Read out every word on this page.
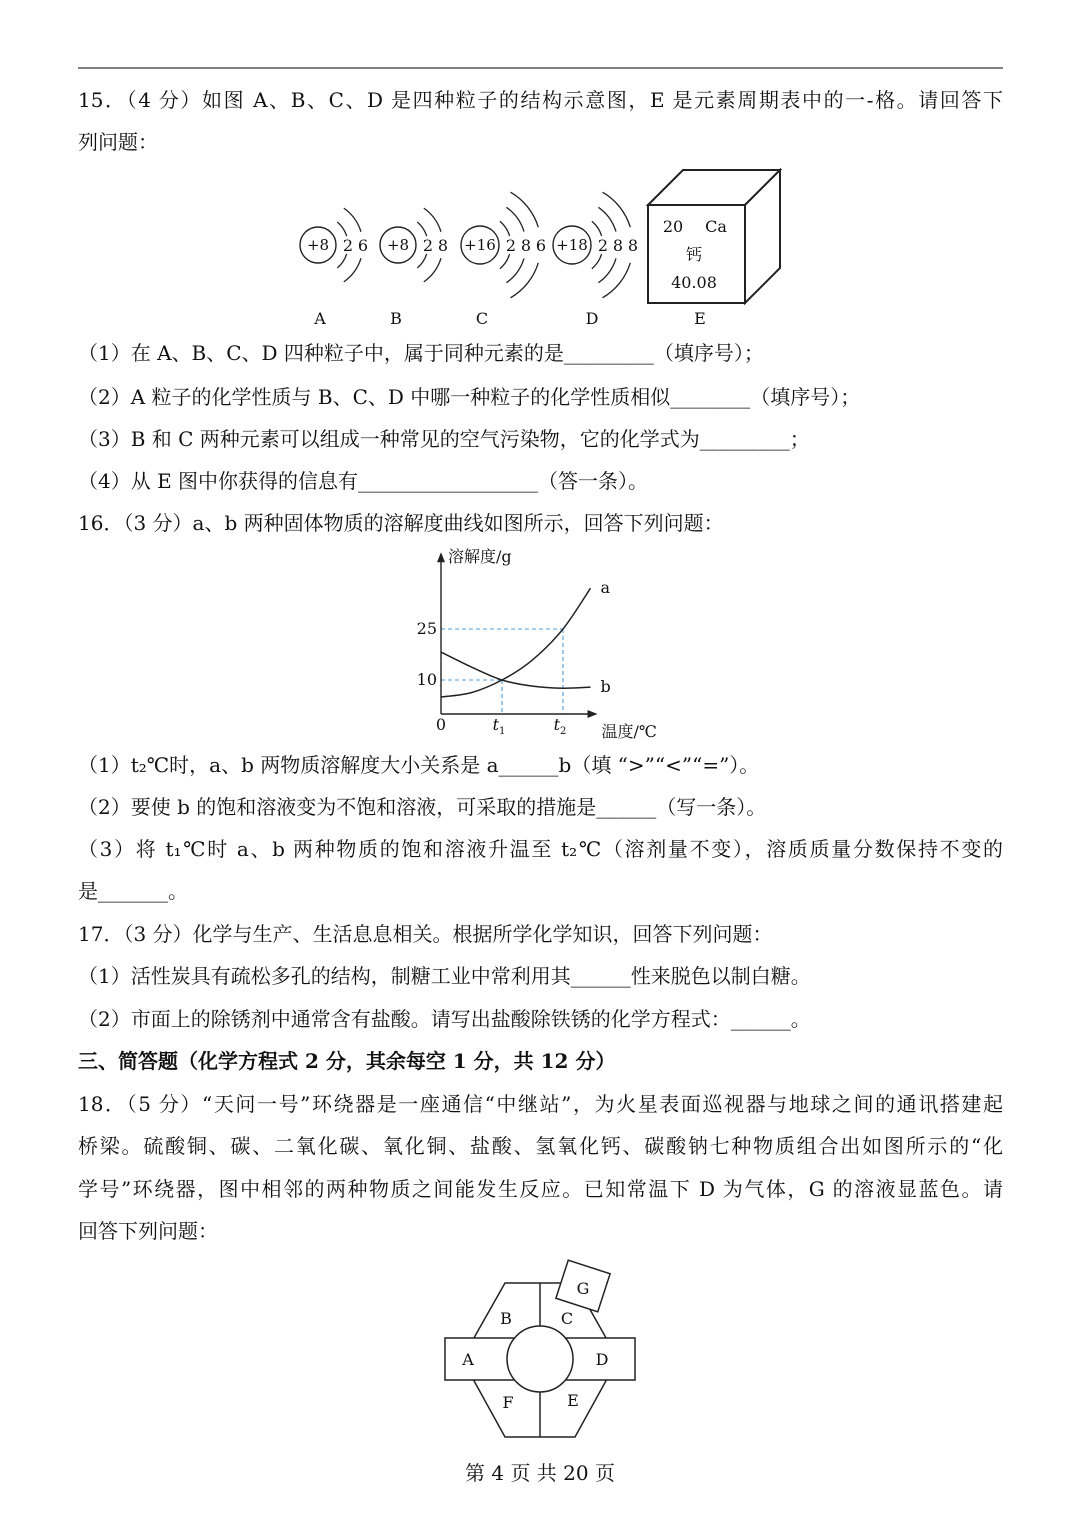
+8 2 6
A
+8 2 8
B
+16 2 8 6
C
+18 2 8 8
D
20 Ca
钙
40.08
E
a
b
10
25
0	$t_1$	$t_2$
溶解度/g
温度/℃
B	C
A	D
F	E
G
15．（4 分）如图 A、B、C、D 是四种粒子的结构示意图，E 是元素周期表中的一-格。请回答下
列问题：
（1）在 A、B、C、D 四种粒子中，属于同种元素的是_________（填序号）；
（2）A 粒子的化学性质与 B、C、D 中哪一种粒子的化学性质相似________（填序号）；
（3）B 和 C 两种元素可以组成一种常见的空气污染物，它的化学式为_________；
（4）从 E 图中你获得的信息有__________________（答一条）。
16．（3 分）a、b 两种固体物质的溶解度曲线如图所示，回答下列问题：
（1）t₂℃时，a、b 两物质溶解度大小关系是 a______b（填 “>”“<”“=”）。
（2）要使 b 的饱和溶液变为不饱和溶液，可采取的措施是______（写一条）。
（3）将 t₁℃时 a、b 两种物质的饱和溶液升温至 t₂℃（溶剂量不变），溶质质量分数保持不变的
是_______。
17．（3 分）化学与生产、生活息息相关。根据所学化学知识，回答下列问题：
（1）活性炭具有疏松多孔的结构，制糖工业中常利用其______性来脱色以制白糖。
（2）市面上的除锈剂中通常含有盐酸。请写出盐酸除铁锈的化学方程式：______。
三、简答题（化学方程式 2 分，其余每空 1 分，共 12 分）
18．（5 分）“天问一号”环绕器是一座通信“中继站”，为火星表面巡视器与地球之间的通讯搭建起
桥梁。硫酸铜、碳、二氧化碳、氧化铜、盐酸、氢氧化钙、碳酸钠七种物质组合出如图所示的“化
学号”环绕器，图中相邻的两种物质之间能发生反应。已知常温下 D 为气体，G 的溶液显蓝色。请
回答下列问题：
第 4 页 共 20 页
